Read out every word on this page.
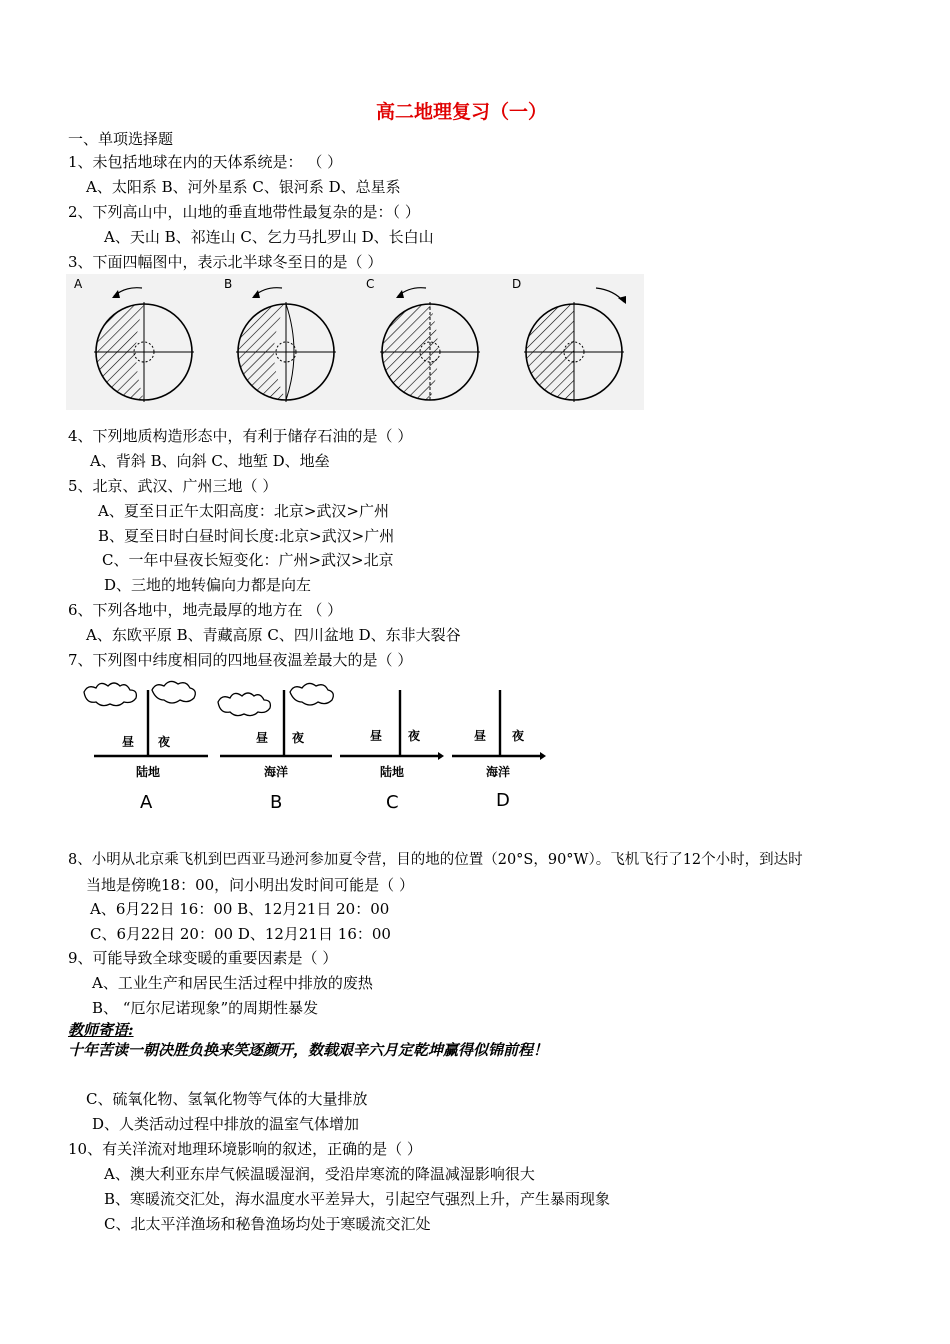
高二地理复习（一）
一、单项选择题
1、未包括地球在内的天体系统是： （ ）
A、太阳系 B、河外星系 C、银河系 D、总星系
2、下列高山中，山地的垂直地带性最复杂的是：（ ）
A、天山 B、祁连山 C、乞力马扎罗山 D、长白山
3、下面四幅图中，表示北半球冬至日的是（ ）
A	B	C	D
4、下列地质构造形态中，有利于储存石油的是（ ）
A、背斜 B、向斜 C、地堑 D、地垒
5、北京、武汉、广州三地（ ）
A、夏至日正午太阳高度：北京>武汉>广州
B、夏至日时白昼时间长度:北京>武汉>广州
C、一年中昼夜长短变化：广州>武汉>北京
D、三地的地转偏向力都是向左
6、下列各地中，地壳最厚的地方在 （ ）
A、东欧平原 B、青藏高原 C、四川盆地 D、东非大裂谷
7、下列图中纬度相同的四地昼夜温差最大的是（ ）
昼 夜
陆地
昼 夜
海洋
昼 夜
陆地
昼 夜
海洋
A	B	C	D
8、小明从北京乘飞机到巴西亚马逊河参加夏令营，目的地的位置（20°S，90°W）。飞机飞行了12个小时，到达时
当地是傍晚18：00，问小明出发时间可能是（ ）
A、6月22日 16：00 B、12月21日 20：00
C、6月22日 20：00 D、12月21日 16：00
9、可能导致全球变暖的重要因素是（ ）
A、工业生产和居民生活过程中排放的废热
B、 “厄尔尼诺现象”的周期性暴发
教师寄语:
十年苦读一朝决胜负换来笑逐颜开，数载艰辛六月定乾坤赢得似锦前程！
C、硫氧化物、氢氧化物等气体的大量排放
D、人类活动过程中排放的温室气体增加
10、有关洋流对地理环境影响的叙述，正确的是（ ）
A、澳大利亚东岸气候温暖湿润，受沿岸寒流的降温减湿影响很大
B、寒暖流交汇处，海水温度水平差异大，引起空气强烈上升，产生暴雨现象
C、北太平洋渔场和秘鲁渔场均处于寒暖流交汇处
